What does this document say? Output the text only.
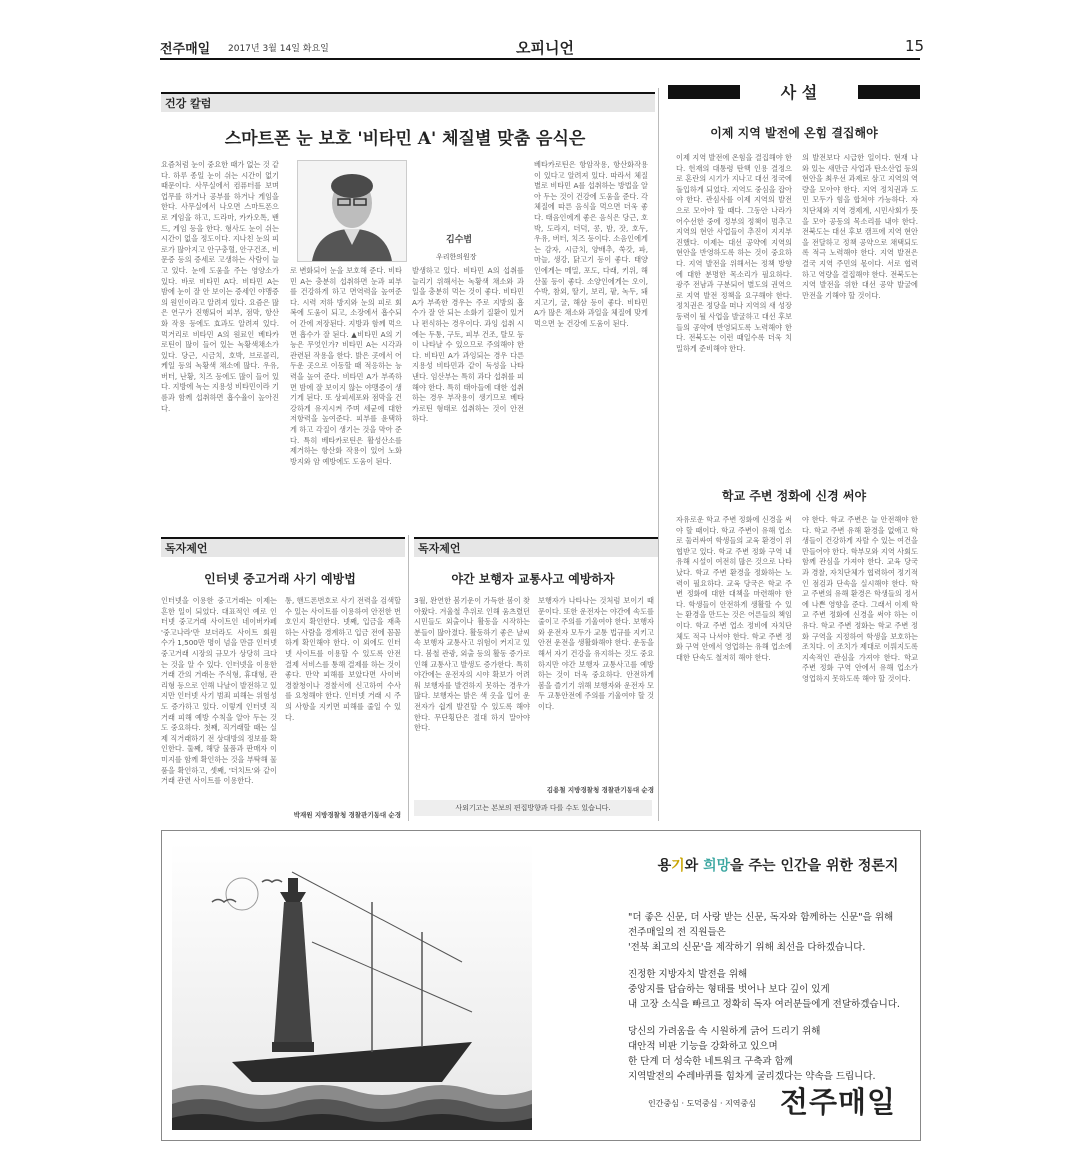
전주매일 2017년 3월 14일 화요일	오피니언	15
건강 칼럼
스마트폰 눈 보호 '비타민 A' 체질별 맞춤 음식은
요즘처럼 눈이 중요한 때가 없는 것 같다. 하루 종일 눈이 쉬는 시간이 없기 때문이다. 사무실에서 컴퓨터를 보며 업무를 하거나 공부를 하거나 게임을 한다. 사무실에서 나오면 스마트폰으로 게임을 하고, 드라마, 카카오톡, 밴드, 게임 등을 한다. 형사도 눈이 쉬는 시간이 없을 정도이다. 지나친 눈의 피로가 많아지고 안구충혈, 안구건조, 비문증 등의 증세로 고생하는 사람이 늘고 있다. 눈에 도움을 주는 영양소가 있다. 바로 비타민 A다. 비타민 A는 밤에 눈이 잘 안 보이는 증세인 야맹증의 원인이라고 알려져 있다. 요즘은 많은 연구가 진행되어 피부, 점막, 항산화 작용 등에도 효과도 알려져 있다. 먹거리로 비타민 A의 원료인 베타카로틴이 많이 들어 있는 녹황색채소가 있다. 당근, 시금치, 호박, 브로콜리, 케일 등의 녹황색 채소에 많다. 우유, 버터, 난황, 치즈 등에도 많이 들어 있다. 지방에 녹는 지용성 비타민이라 기름과 함께 섭취하면 흡수율이 높아진다.
김수범
우리한의원장
로 변화되어 눈을 보호해 준다. 비타민 A는 충분히 섭취하면 눈과 피부를 건강하게 하고 면역력을 높여준다. 시력 저하 방지와 눈의 피로 회복에 도움이 되고, 소장에서 흡수되어 간에 저장된다. 지방과 함께 먹으면 흡수가 잘 된다. ▲비타민 A의 기능은 무엇인가? 비타민 A는 시각과 관련된 작용을 한다. 밝은 곳에서 어두운 곳으로 이동할 때 적응하는 능력을 높여 준다. 비타민 A가 부족하면 밤에 잘 보이지 않는 야맹증이 생기게 된다. 또 상피세포와 점막을 건강하게 유지시켜 주며 세균에 대한 저항력을 높여준다. 피부를 윤택하게 하고 각질이 생기는 것을 막아 준다. 특히 베타카로틴은 활성산소를 제거하는 항산화 작용이 있어 노화 방지와 암 예방에도 도움이 된다.
발생하고 있다. 비타민 A의 섭취를 늘리기 위해서는 녹황색 채소와 과일을 충분히 먹는 것이 좋다. 비타민 A가 부족한 경우는 주로 지방의 흡수가 잘 안 되는 소화기 질환이 있거나 편식하는 경우이다. 과잉 섭취 시에는 두통, 구토, 피부 건조, 탈모 등이 나타날 수 있으므로 주의해야 한다. 비타민 A가 과잉되는 경우 다른 지용성 비타민과 같이 독성을 나타낸다. 임산부는 특히 과다 섭취를 피해야 한다. 특히 태아들에 대한 섭취하는 경우 부작용이 생기므로 베타카로틴 형태로 섭취하는 것이 안전하다.
베타카로틴은 항암작용, 항산화작용이 있다고 알려져 있다. 따라서 체질별로 비타민 A를 섭취하는 방법을 알아 두는 것이 건강에 도움을 준다. 각 체질에 따른 음식을 먹으면 더욱 좋다. 태음인에게 좋은 음식은 당근, 호박, 도라지, 더덕, 콩, 밤, 잣, 호두, 우유, 버터, 치즈 등이다. 소음인에게는 감자, 시금치, 양배추, 쑥갓, 파, 마늘, 생강, 닭고기 등이 좋다. 태양인에게는 메밀, 포도, 다래, 키위, 해산물 등이 좋다. 소양인에게는 오이, 수박, 참외, 딸기, 보리, 팥, 녹두, 돼지고기, 굴, 해삼 등이 좋다. 비타민 A가 많은 채소와 과일을 체질에 맞게 먹으면 눈 건강에 도움이 된다.
사 설
이제 지역 발전에 온힘 결집해야
이제 지역 발전에 온힘을 결집해야 한다. 헌재의 대통령 탄핵 인용 결정으로 혼란의 시기가 지나고 대선 정국에 돌입하게 되었다. 지역도 중심을 잡아야 한다. 관심사를 이제 지역의 발전으로 모아야 할 때다. 그동안 나라가 어수선한 중에 정부의 정책이 멈추고 지역의 현안 사업들이 추진이 지지부진했다. 이제는 대선 공약에 지역의 현안을 반영하도록 하는 것이 중요하다. 지역 발전을 위해서는 정책 방향에 대한 분명한 목소리가 필요하다. 광주 전남과 구분되어 별도의 권역으로 지역 발전 정책을 요구해야 한다. 정치권은 정당을 떠나 지역의 새 성장 동력이 될 사업을 발굴하고 대선 후보들의 공약에 반영되도록 노력해야 한다. 전북도는 이런 때일수록 더욱 치밀하게 준비해야 한다.
의 발전보다 시급한 일이다. 현재 나와 있는 새만금 사업과 탄소산업 등의 현안을 최우선 과제로 삼고 지역의 역량을 모아야 한다. 지역 정치권과 도민 모두가 힘을 합쳐야 가능하다. 자치단체와 지역 경제계, 시민사회가 뜻을 모아 공동의 목소리를 내야 한다. 전북도는 대선 후보 캠프에 지역 현안을 전달하고 정책 공약으로 채택되도록 적극 노력해야 한다. 지역 발전은 결국 지역 주민의 몫이다. 서로 협력하고 역량을 결집해야 한다. 전북도는 지역 발전을 위한 대선 공약 발굴에 만전을 기해야 할 것이다.
학교 주변 정화에 신경 써야
자유로운 학교 주변 정화에 신경을 써야 할 때이다. 학교 주변이 유해 업소로 둘러싸여 학생들의 교육 환경이 위협받고 있다. 학교 주변 정화 구역 내 유해 시설이 여전히 많은 것으로 나타났다. 학교 주변 환경을 정화하는 노력이 필요하다. 교육 당국은 학교 주변 정화에 대한 대책을 마련해야 한다. 학생들이 안전하게 생활할 수 있는 환경을 만드는 것은 어른들의 책임이다. 학교 주변 업소 정비에 자치단체도 적극 나서야 한다. 학교 주변 정화 구역 안에서 영업하는 유해 업소에 대한 단속도 철저히 해야 한다.
야 한다. 학교 주변은 늘 안전해야 한다. 학교 주변 유해 환경을 없애고 학생들이 건강하게 자랄 수 있는 여건을 만들어야 한다. 학부모와 지역 사회도 함께 관심을 가져야 한다. 교육 당국과 경찰, 자치단체가 협력하여 정기적인 점검과 단속을 실시해야 한다. 학교 주변의 유해 환경은 학생들의 정서에 나쁜 영향을 준다. 그래서 이제 학교 주변 정화에 신경을 써야 하는 이유다. 학교 주변 정화는 학교 주변 정화 구역을 지정하여 학생을 보호하는 조치다. 이 조치가 제대로 이뤄지도록 지속적인 관심을 가져야 한다. 학교 주변 정화 구역 안에서 유해 업소가 영업하지 못하도록 해야 할 것이다.
독자제언
인터넷 중고거래 사기 예방법
인터넷을 이용한 중고거래는 이제는 흔한 일이 되었다. 대표적인 예로 인터넷 중고거래 사이트인 네이버카페 '중고나라'만 보더라도 사이트 회원 수가 1,500만 명이 넘을 만큼 인터넷 중고거래 시장의 규모가 상당히 크다는 것을 알 수 있다. 인터넷을 이용한 거래 간의 거래는 주식형, 휴대형, 관리형 등으로 인해 나날이 발전하고 있지만 인터넷 사기 범죄 피해는 위험성도 증가하고 있다. 이렇게 인터넷 직거래 피해 예방 수칙을 알아 두는 것도 중요하다. 첫째, 직거래할 때는 실제 직거래하기 전 상대방의 정보를 확인한다. 둘째, 해당 물품과 판매자 이미지를 함께 확인하는 것을 부탁해 물품을 확인하고, 셋째, '더치트'와 같이 거래 관련 사이트를 이용한다.
통, 핸드폰번호로 사기 전력을 검색할 수 있는 사이트를 이용하여 안전한 번호인지 확인한다. 넷째, 입금을 재촉하는 사람을 경계하고 입금 전에 꼼꼼하게 확인해야 한다. 이 외에도 인터넷 사이트를 이용할 수 있도록 안전 결제 서비스를 통해 결제를 하는 것이 좋다. 만약 피해를 보았다면 사이버 경찰청이나 경찰서에 신고하여 수사를 요청해야 한다. 인터넷 거래 시 주의 사항을 지키면 피해를 줄일 수 있다.
박재원 지방경찰청 경찰관기동대 순경
독자제언
야간 보행자 교통사고 예방하자
3월, 완연한 봄기운이 가득한 봄이 찾아왔다. 겨울철 추위로 인해 움츠렸던 시민들도 외출이나 활동을 시작하는 분들이 많아졌다. 활동하기 좋은 날씨 속 보행자 교통사고 위험이 커지고 있다. 봄철 관광, 외출 등의 활동 증가로 인해 교통사고 발생도 증가한다. 특히 야간에는 운전자의 시야 확보가 어려워 보행자를 발견하지 못하는 경우가 많다. 보행자는 밝은 색 옷을 입어 운전자가 쉽게 발견할 수 있도록 해야 한다. 무단횡단은 절대 하지 말아야 한다.
보행자가 나타나는 것처럼 보이기 때문이다. 또한 운전자는 야간에 속도를 줄이고 주의를 기울여야 한다. 보행자와 운전자 모두가 교통 법규를 지키고 안전 운전을 생활화해야 한다. 운동을 해서 자기 건강을 유지하는 것도 중요하지만 야간 보행자 교통사고를 예방하는 것이 더욱 중요하다. 안전하게 봄을 즐기기 위해 보행자와 운전자 모두 교통안전에 주의를 기울여야 할 것이다.
김용철 지방경찰청 경찰관기동대 순경
사외기고는 본보의 편집방향과 다를 수도 있습니다.
용기와 희망을 주는 인간을 위한 정론지
"더 좋은 신문, 더 사랑 받는 신문, 독자와 함께하는 신문"을 위해
전주매일의 전 직원들은
'전북 최고의 신문'을 제작하기 위해 최선을 다하겠습니다.
진정한 지방자치 발전을 위해
중앙지를 답습하는 형태를 벗어나 보다 깊이 있게
내 고장 소식을 빠르고 정확히 독자 여러분들에게 전달하겠습니다.
당신의 가려움을 속 시원하게 긁어 드리기 위해
대안적 비판 기능을 강화하고 있으며
한 단계 더 성숙한 네트워크 구축과 함께
지역발전의 수레바퀴를 힘차게 굴리겠다는 약속을 드립니다.
인간중심 · 도덕중심 · 지역중심 전주매일
